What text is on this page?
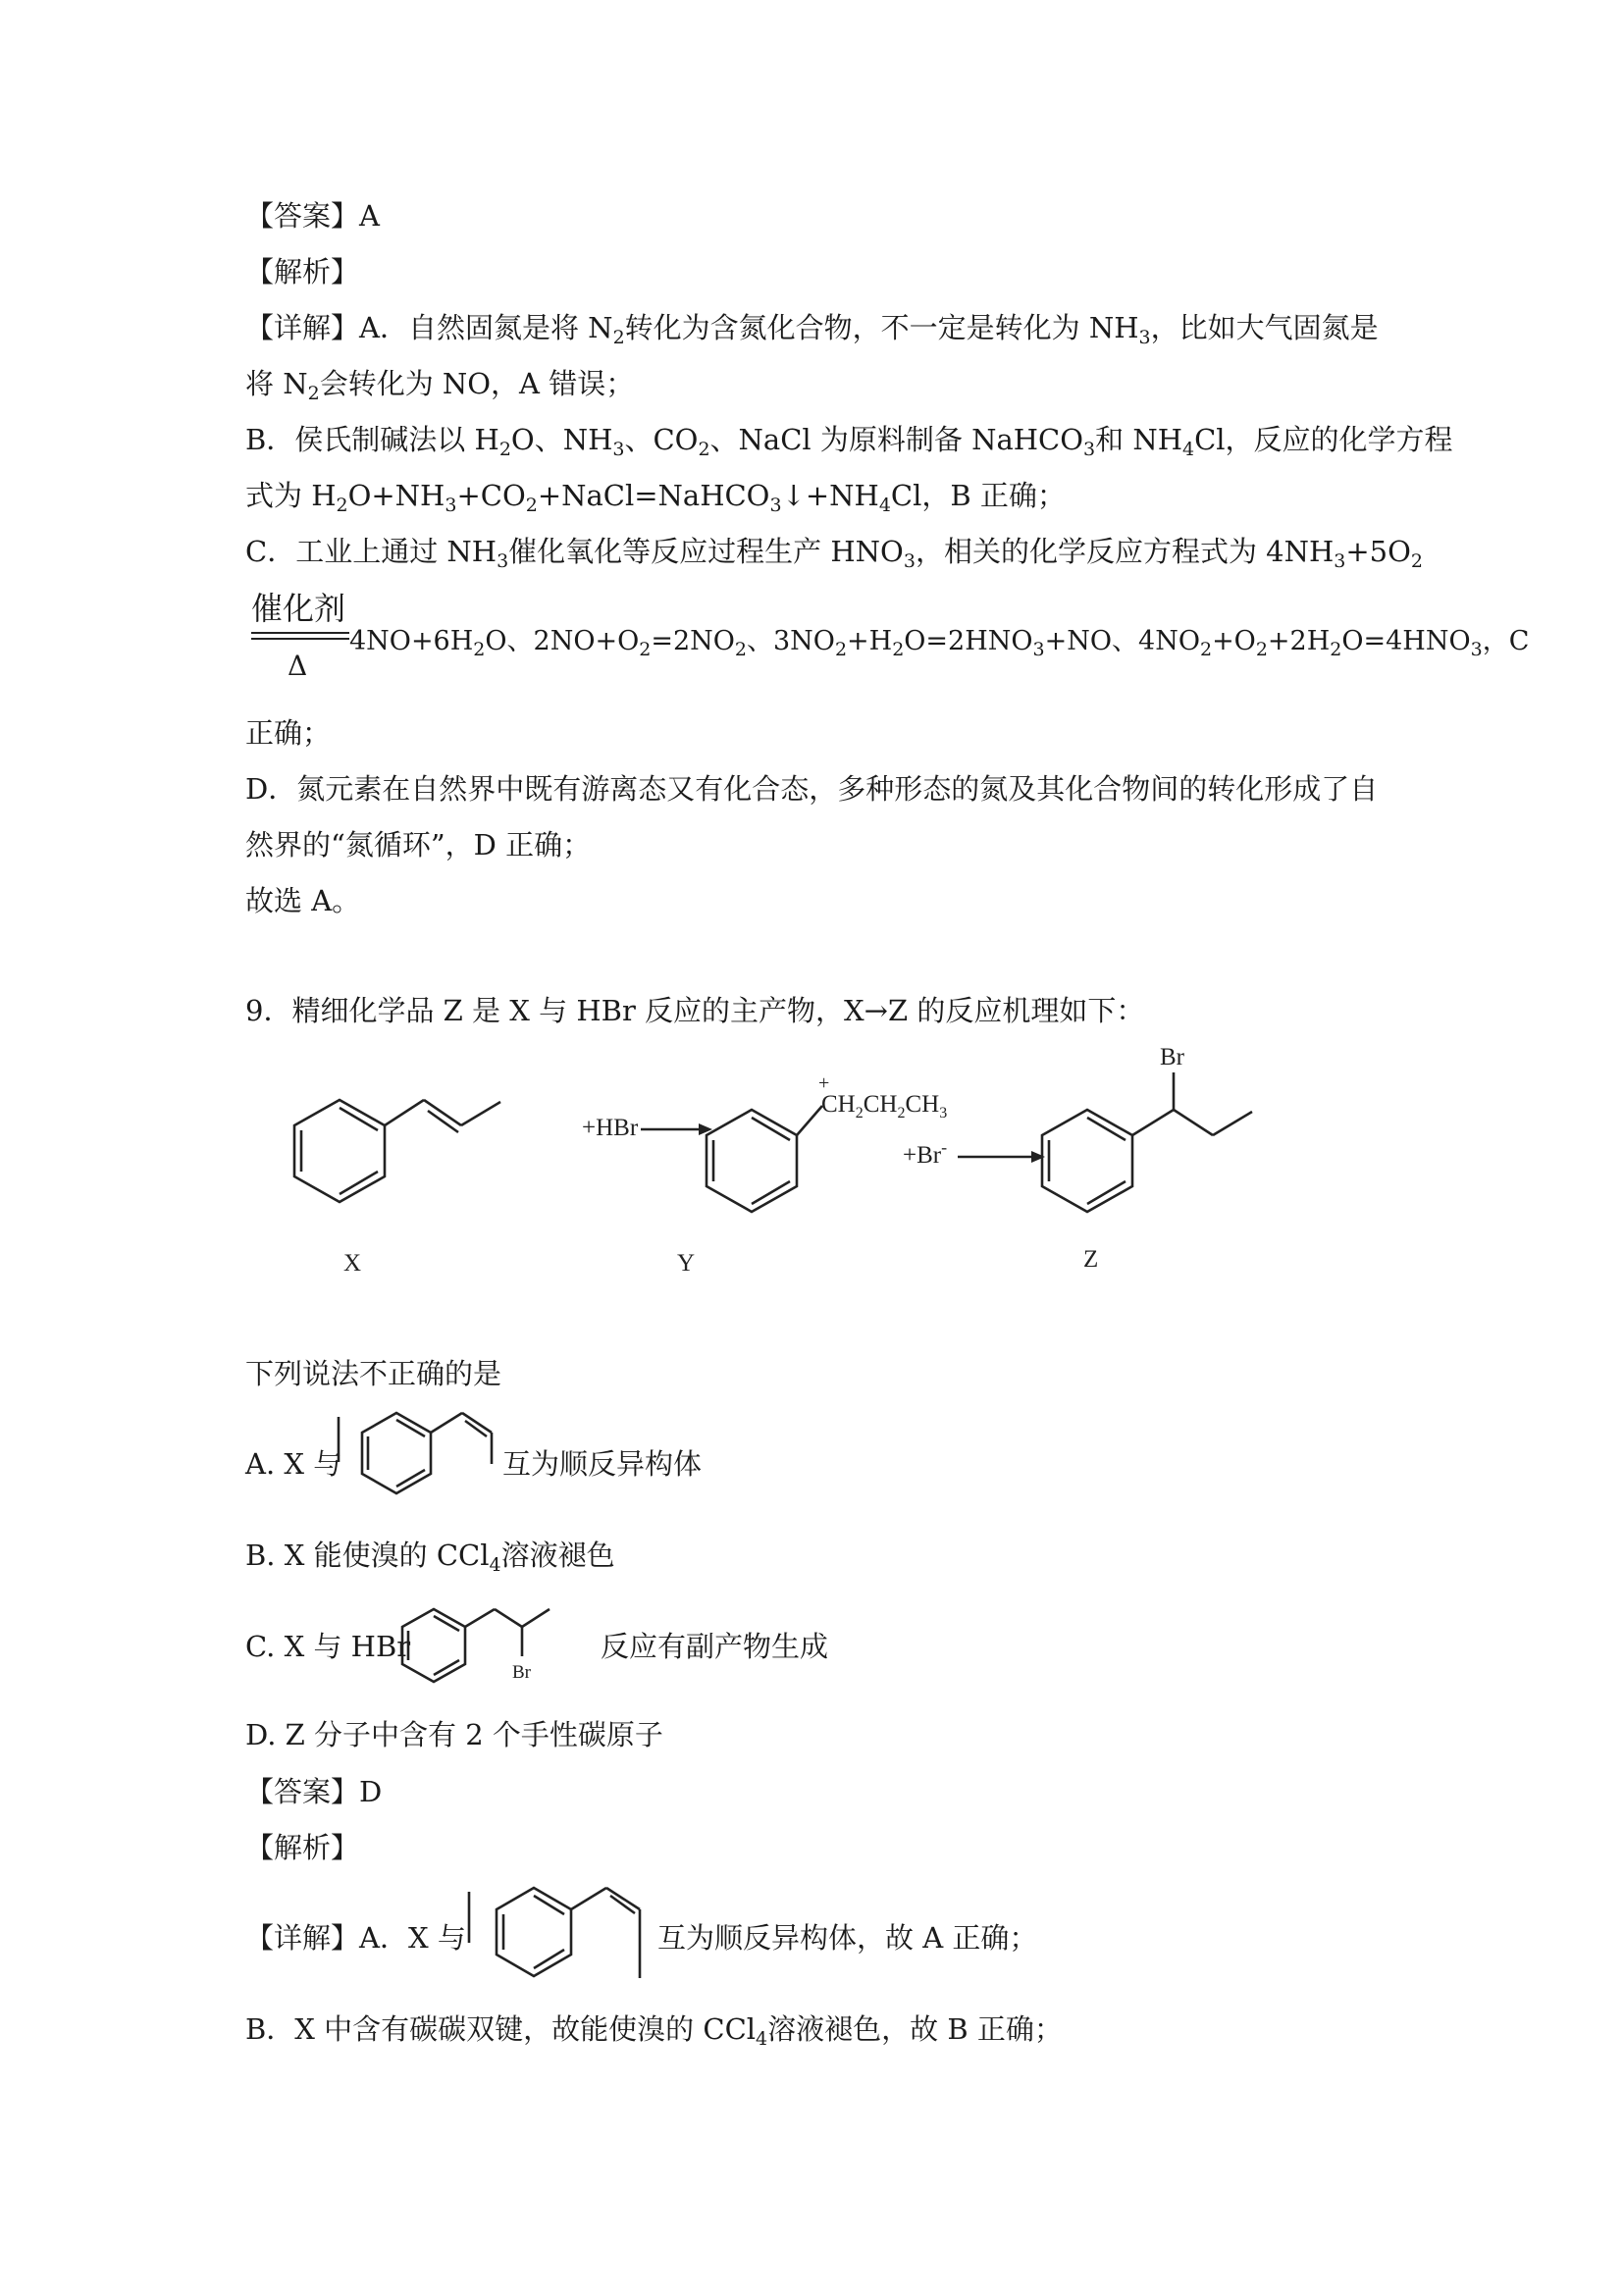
【答案】A
【解析】
【详解】A．自然固氮是将 $N_2$转化为含氮化合物，不一定是转化为 $NH_3$，比如大气固氮是
将 $N_2$会转化为 NO，A 错误；
B．侯氏制碱法以 $H_2O$、$NH_3$、$CO_2$、NaCl 为原料制备 NaHCO$_3$和 $NH_4Cl$，反应的化学方程
式为 $H_2O+NH_3+CO_2+NaCl=NaHCO_3↓+NH_4Cl$，B 正确；
C．工业上通过 $NH_3$催化氧化等反应过程生产 $HNO_3$，相关的化学反应方程式为 $4NH_3+5O_2$
催化剂
Δ
$4NO+6H_2O$、$2NO+O_2=2NO_2$、$3NO_2+H_2O=2HNO_3+NO$、$4NO_2+O_2+2H_2O=4HNO_3$，C
正确；
D．氮元素在自然界中既有游离态又有化合态，多种形态的氮及其化合物间的转化形成了自
然界的“氮循环”，D 正确；
故选 A。
9．精细化学品 Z 是 X 与 HBr 反应的主产物，X→Z 的反应机理如下：
+HBr
+
$CH_2CH_2CH_3$
+Br-
Br
X	Y	Z
下列说法不正确的是
A. X 与	互为顺反异构体
B. X 能使溴的 CCl$_4$溶液褪色
C. X 与 HBr
Br
反应有副产物生成
D. Z 分子中含有 2 个手性碳原子
【答案】D
【解析】
【详解】A．X 与	互为顺反异构体，故 A 正确；
B．X 中含有碳碳双键，故能使溴的 CCl$_4$溶液褪色，故 B 正确；
